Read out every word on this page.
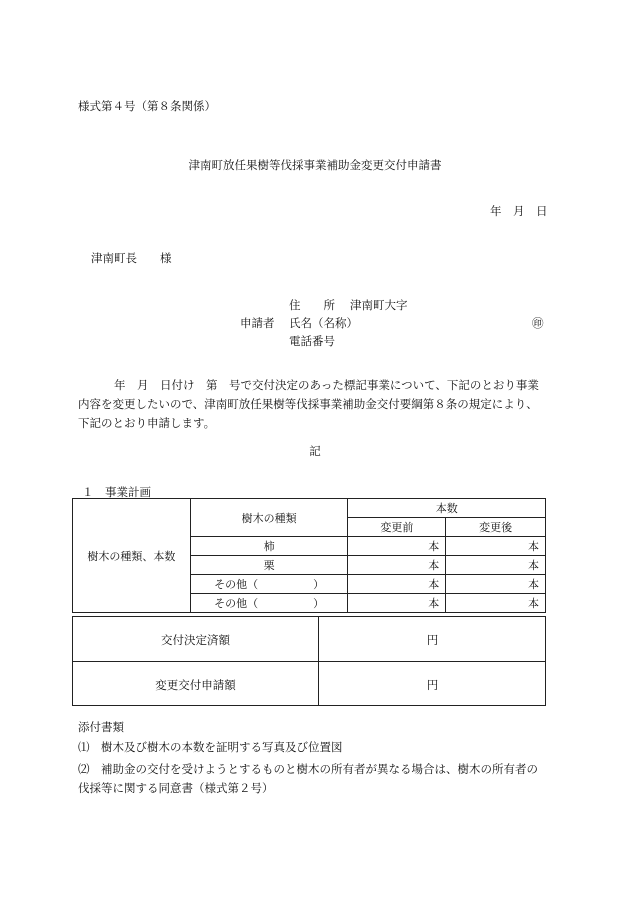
様式第４号（第８条関係）
津南町放任果樹等伐採事業補助金変更交付申請書
年　月　日
津南町長　　様
住　　所 津南町大字
申請者 氏名（名称）	㊞
電話番号
年　月　日付け　第　号で交付決定のあった標記事業について、下記のとおり事業内容を変更したいので、津南町放任果樹等伐採事業補助金交付要綱第８条の規定により、下記のとおり申請します。
記
１　事業計画
樹木の種類、本数	樹木の種類	本数	
		変更前	変更後
	柿	本	本
	栗	本	本
	その他（　　　　　）	本	本
	その他（　　　　　）	本	本
交付決定済額	円
変更交付申請額	円
添付書類
⑴　樹木及び樹木の本数を証明する写真及び位置図
⑵　補助金の交付を受けようとするものと樹木の所有者が異なる場合は、樹木の所有者の伐採等に関する同意書（様式第２号）
